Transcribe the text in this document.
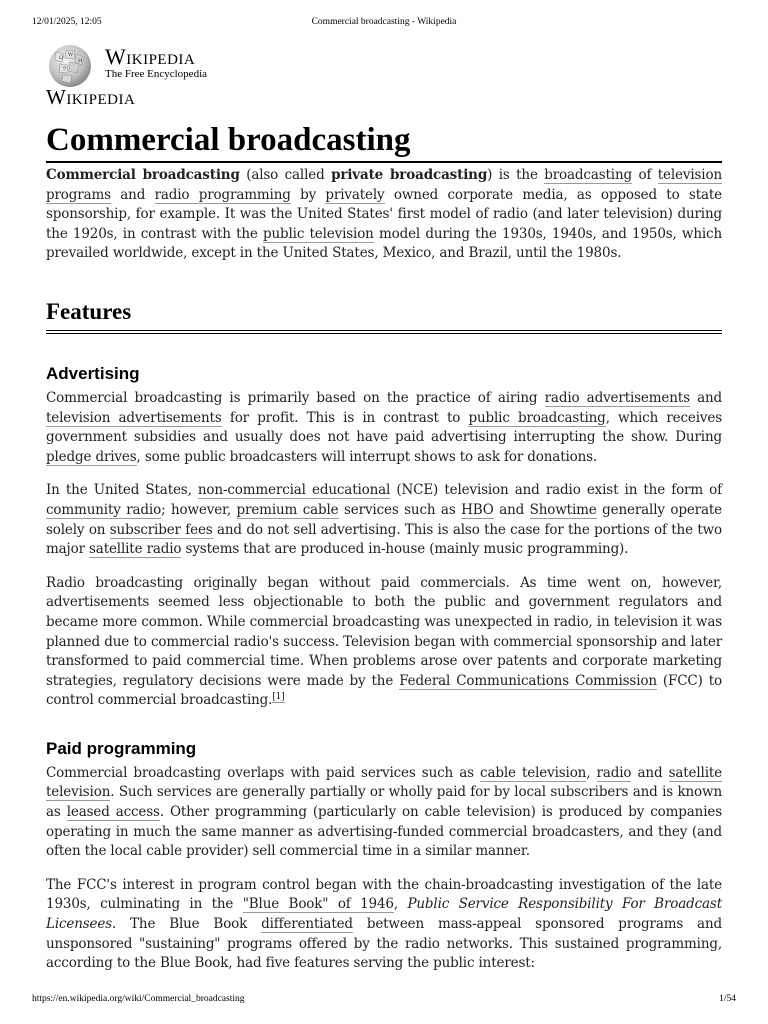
12/01/2025, 12:05	Commercial broadcasting - Wikipedia
Ω W
И
ウ Wikipedia
The Free Encyclopedia
Wikipedia
Commercial broadcasting

Commercial broadcasting (also called private broadcasting) is the broadcasting of television programs and radio programming by privately owned corporate media, as opposed to state sponsorship, for example. It was the United States' first model of radio (and later television) during the 1920s, in contrast with the public television model during the 1930s, 1940s, and 1950s, which prevailed worldwide, except in the United States, Mexico, and Brazil, until the 1980s.

Features
Advertising

Commercial broadcasting is primarily based on the practice of airing radio advertisements and television advertisements for profit. This is in contrast to public broadcasting, which receives government subsidies and usually does not have paid advertising interrupting the show. During pledge drives, some public broadcasters will interrupt shows to ask for donations.

In the United States, non-commercial educational (NCE) television and radio exist in the form of community radio; however, premium cable services such as HBO and Showtime generally operate solely on subscriber fees and do not sell advertising. This is also the case for the portions of the two major satellite radio systems that are produced in-house (mainly music programming).

Radio broadcasting originally began without paid commercials. As time went on, however, advertisements seemed less objectionable to both the public and government regulators and became more common. While commercial broadcasting was unexpected in radio, in television it was planned due to commercial radio's success. Television began with commercial sponsorship and later transformed to paid commercial time. When problems arose over patents and corporate marketing strategies, regulatory decisions were made by the Federal Communications Commission (FCC) to control commercial broadcasting.[1]

Paid programming

Commercial broadcasting overlaps with paid services such as cable television, radio and satellite television. Such services are generally partially or wholly paid for by local subscribers and is known as leased access. Other programming (particularly on cable television) is produced by companies operating in much the same manner as advertising-funded commercial broadcasters, and they (and often the local cable provider) sell commercial time in a similar manner.

The FCC's interest in program control began with the chain-broadcasting investigation of the late 1930s, culminating in the "Blue Book" of 1946, Public Service Responsibility For Broadcast Licensees. The Blue Book differentiated between mass-appeal sponsored programs and unsponsored "sustaining" programs offered by the radio networks. This sustained programming, according to the Blue Book, had five features serving the public interest:

https://en.wikipedia.org/wiki/Commercial_broadcasting	1/54
